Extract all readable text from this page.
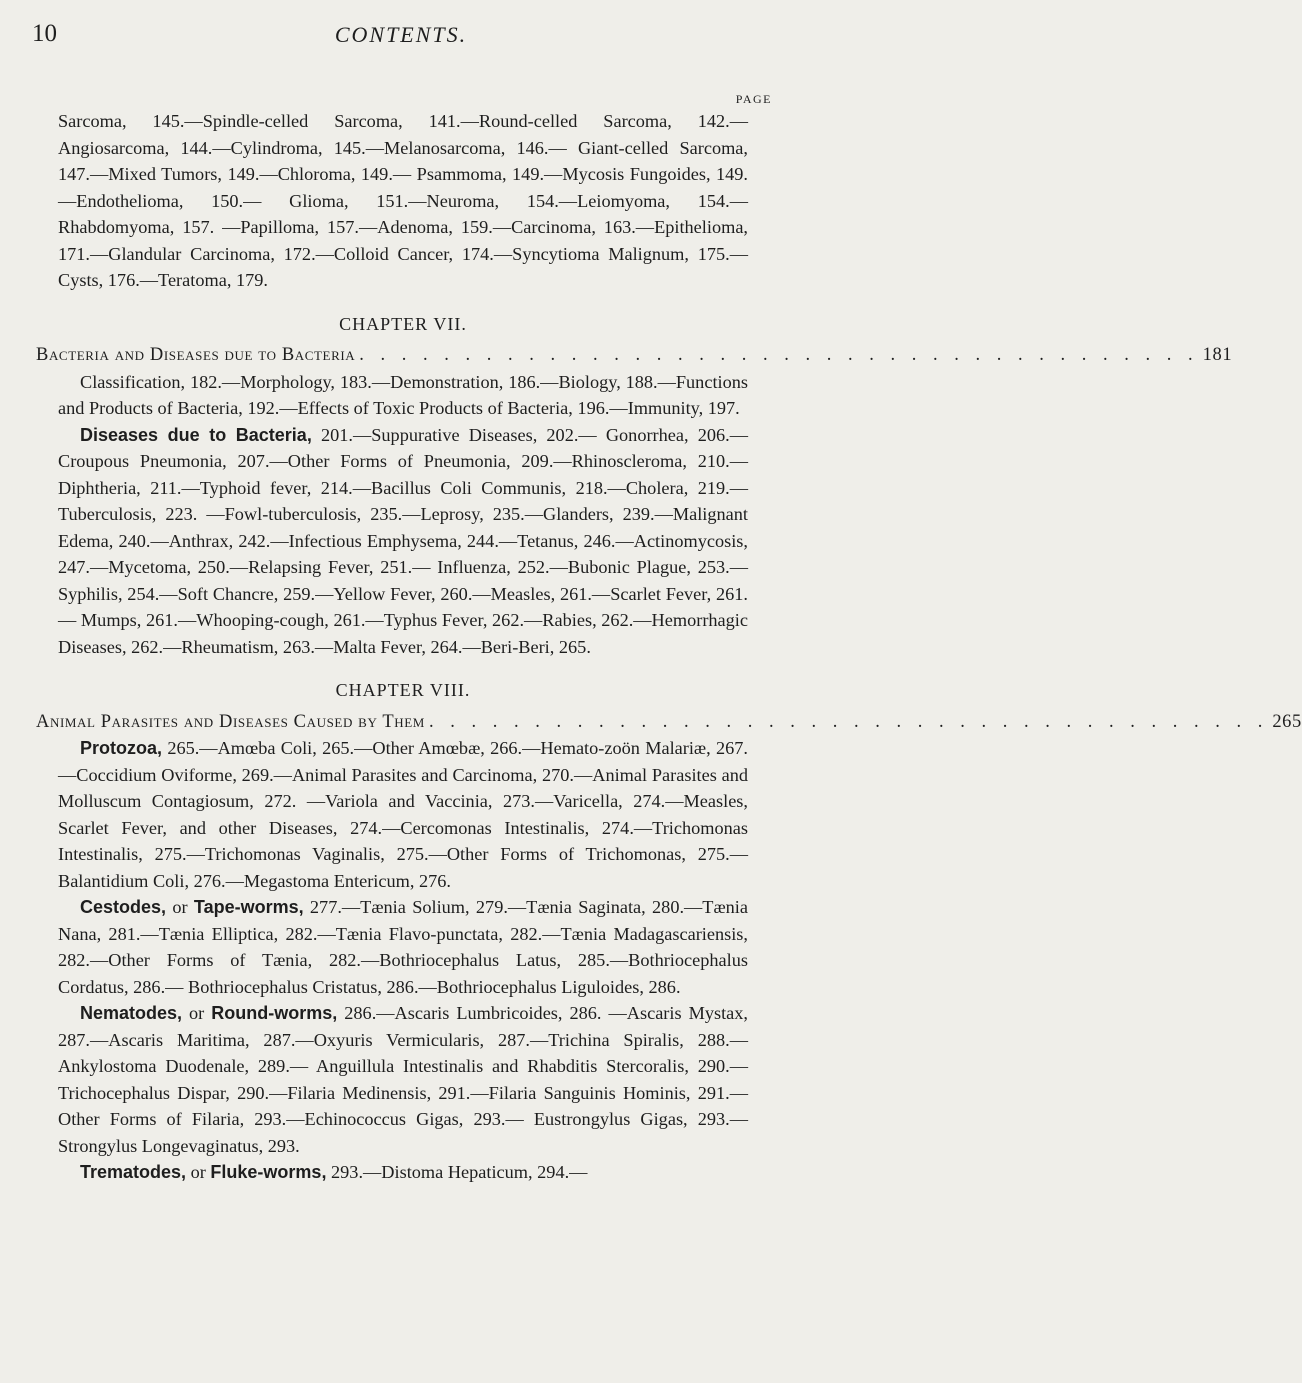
10	CONTENTS.
PAGE

Sarcoma, 145.—Spindle-celled Sarcoma, 141.—Round-celled Sarcoma, 142.—Angiosarcoma, 144.—Cylindroma, 145.—Melanosarcoma, 146.— Giant-celled Sarcoma, 147.—Mixed Tumors, 149.—Chloroma, 149.— Psammoma, 149.—Mycosis Fungoides, 149.—Endothelioma, 150.— Glioma, 151.—Neuroma, 154.—Leiomyoma, 154.—Rhabdomyoma, 157. —Papilloma, 157.—Adenoma, 159.—Carcinoma, 163.—Epithelioma, 171.—Glandular Carcinoma, 172.—Colloid Cancer, 174.—Syncytioma Malignum, 175.—Cysts, 176.—Teratoma, 179.

CHAPTER VII.
Bacteria and Diseases due to Bacteria . . . . . . . . . . . . . . . . . . . . . . . . . . . . . . . . . . . . . . . . 181

Classification, 182.—Morphology, 183.—Demonstration, 186.—Biology, 188.—Functions and Products of Bacteria, 192.—Effects of Toxic Products of Bacteria, 196.—Immunity, 197.

Diseases due to Bacteria, 201.—Suppurative Diseases, 202.— Gonorrhea, 206.—Croupous Pneumonia, 207.—Other Forms of Pneumonia, 209.—Rhinoscleroma, 210.—Diphtheria, 211.—Typhoid fever, 214.—Bacillus Coli Communis, 218.—Cholera, 219.—Tuberculosis, 223. —Fowl-tuberculosis, 235.—Leprosy, 235.—Glanders, 239.—Malignant Edema, 240.—Anthrax, 242.—Infectious Emphysema, 244.—Tetanus, 246.—Actinomycosis, 247.—Mycetoma, 250.—Relapsing Fever, 251.— Influenza, 252.—Bubonic Plague, 253.—Syphilis, 254.—Soft Chancre, 259.—Yellow Fever, 260.—Measles, 261.—Scarlet Fever, 261.— Mumps, 261.—Whooping-cough, 261.—Typhus Fever, 262.—Rabies, 262.—Hemorrhagic Diseases, 262.—Rheumatism, 263.—Malta Fever, 264.—Beri-Beri, 265.

CHAPTER VIII.
Animal Parasites and Diseases Caused by Them . . . . . . . . . . . . . . . . . . . . . . . . . . . . . . . . . . . . . . . . 265

Protozoa, 265.—Amœba Coli, 265.—Other Amœbæ, 266.—Hemato-zoön Malariæ, 267.—Coccidium Oviforme, 269.—Animal Parasites and Carcinoma, 270.—Animal Parasites and Molluscum Contagiosum, 272. —Variola and Vaccinia, 273.—Varicella, 274.—Measles, Scarlet Fever, and other Diseases, 274.—Cercomonas Intestinalis, 274.—Trichomonas Intestinalis, 275.—Trichomonas Vaginalis, 275.—Other Forms of Trichomonas, 275.—Balantidium Coli, 276.—Megastoma Entericum, 276.

Cestodes, or Tape-worms, 277.—Tænia Solium, 279.—Tænia Saginata, 280.—Tænia Nana, 281.—Tænia Elliptica, 282.—Tænia Flavo-punctata, 282.—Tænia Madagascariensis, 282.—Other Forms of Tænia, 282.—Bothriocephalus Latus, 285.—Bothriocephalus Cordatus, 286.— Bothriocephalus Cristatus, 286.—Bothriocephalus Liguloides, 286.

Nematodes, or Round-worms, 286.—Ascaris Lumbricoides, 286. —Ascaris Mystax, 287.—Ascaris Maritima, 287.—Oxyuris Vermicularis, 287.—Trichina Spiralis, 288.—Ankylostoma Duodenale, 289.— Anguillula Intestinalis and Rhabditis Stercoralis, 290.—Trichocephalus Dispar, 290.—Filaria Medinensis, 291.—Filaria Sanguinis Hominis, 291.—Other Forms of Filaria, 293.—Echinococcus Gigas, 293.— Eustrongylus Gigas, 293.—Strongylus Longevaginatus, 293.

Trematodes, or Fluke-worms, 293.—Distoma Hepaticum, 294.—
